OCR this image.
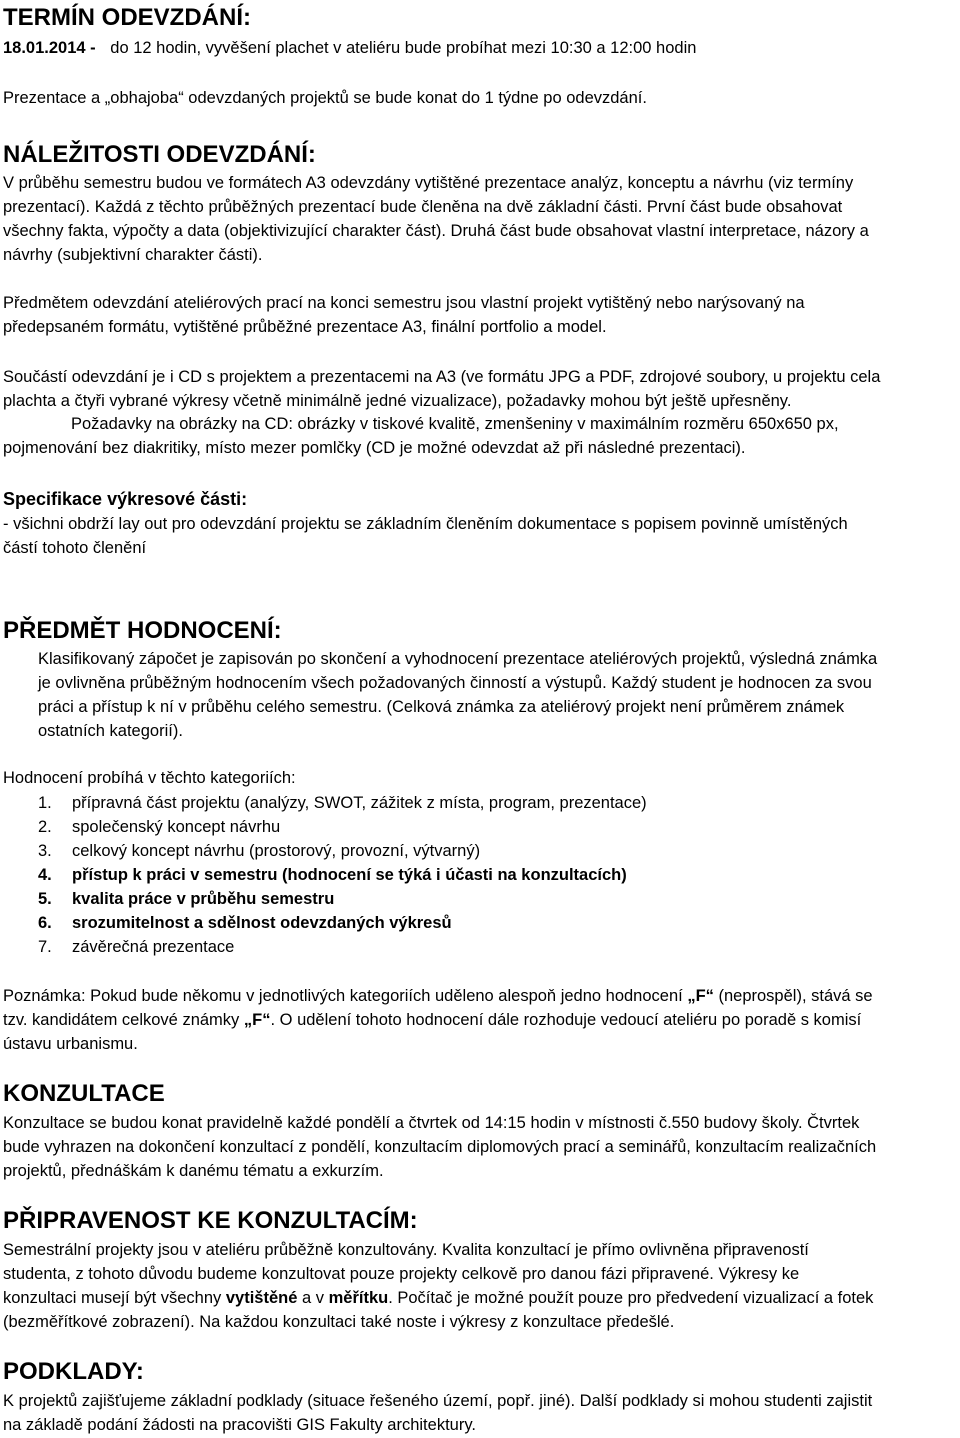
TERMÍN ODEVZDÁNÍ:
18.01.2014 - do 12 hodin, vyvěšení plachet v ateliéru bude probíhat mezi 10:30 a 12:00 hodin
Prezentace a „obhajoba“ odevzdaných projektů se bude konat do 1 týdne po odevzdání.
NÁLEŽITOSTI ODEVZDÁNÍ:
V průběhu semestru budou ve formátech A3 odevzdány vytištěné prezentace analýz, konceptu a návrhu (viz termíny
prezentací). Každá z těchto průběžných prezentací bude členěna na dvě základní části. První část bude obsahovat
všechny fakta, výpočty a data (objektivizující charakter část). Druhá část bude obsahovat vlastní interpretace, názory a
návrhy (subjektivní charakter části).
Předmětem odevzdání ateliérových prací na konci semestru jsou vlastní projekt vytištěný nebo narýsovaný na
předepsaném formátu, vytištěné průběžné prezentace A3, finální portfolio a model.
Součástí odevzdání je i CD s projektem a prezentacemi na A3 (ve formátu JPG a PDF, zdrojové soubory, u projektu cela
plachta a čtyři vybrané výkresy včetně minimálně jedné vizualizace), požadavky mohou být ještě upřesněny.
Požadavky na obrázky na CD: obrázky v tiskové kvalitě, zmenšeniny v maximálním rozměru 650x650 px,
pojmenování bez diakritiky, místo mezer pomlčky (CD je možné odevzdat až při následné prezentaci).
Specifikace výkresové části:
- všichni obdrží lay out pro odevzdání projektu se základním členěním dokumentace s popisem povinně umístěných
částí tohoto členění
PŘEDMĚT HODNOCENÍ:
Klasifikovaný zápočet je zapisován po skončení a vyhodnocení prezentace ateliérových projektů, výsledná známka
je ovlivněna průběžným hodnocením všech požadovaných činností a výstupů. Každý student je hodnocen za svou
práci a přístup k ní v průběhu celého semestru. (Celková známka za ateliérový projekt není průměrem známek
ostatních kategorií).
Hodnocení probíhá v těchto kategoriích:
1. přípravná část projektu (analýzy, SWOT, zážitek z místa, program, prezentace)
2. společenský koncept návrhu
3. celkový koncept návrhu (prostorový, provozní, výtvarný)
4. přístup k práci v semestru (hodnocení se týká i účasti na konzultacích)
5. kvalita práce v průběhu semestru
6. srozumitelnost a sdělnost odevzdaných výkresů
7. závěrečná prezentace
Poznámka: Pokud bude někomu v jednotlivých kategoriích uděleno alespoň jedno hodnocení „F“ (neprospěl), stává se
tzv. kandidátem celkové známky „F“. O udělení tohoto hodnocení dále rozhoduje vedoucí ateliéru po poradě s komisí
ústavu urbanismu.
KONZULTACE
Konzultace se budou konat pravidelně každé pondělí a čtvrtek od 14:15 hodin v místnosti č.550 budovy školy. Čtvrtek
bude vyhrazen na dokončení konzultací z pondělí, konzultacím diplomových prací a seminářů, konzultacím realizačních
projektů, přednáškám k danému tématu a exkurzím.
PŘIPRAVENOST KE KONZULTACÍM:
Semestrální projekty jsou v ateliéru průběžně konzultovány. Kvalita konzultací je přímo ovlivněna připraveností
studenta, z tohoto důvodu budeme konzultovat pouze projekty celkově pro danou fázi připravené. Výkresy ke
konzultaci musejí být všechny vytištěné a v měřítku. Počítač je možné použít pouze pro předvedení vizualizací a fotek
(bezměřítkové zobrazení). Na každou konzultaci také noste i výkresy z konzultace předešlé.
PODKLADY:
K projektů zajišťujeme základní podklady (situace řešeného území, popř. jiné). Další podklady si mohou studenti zajistit
na základě podání žádosti na pracovišti GIS Fakulty architektury.
